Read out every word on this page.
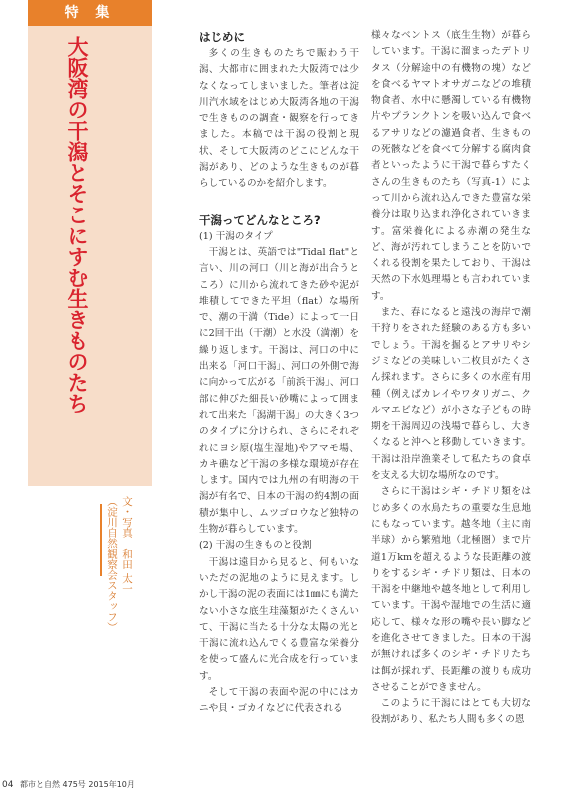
特 集
大阪湾の干潟とそこにすむ生きものたち
文・写真　和田 太一
（淀川自然観察会スタッフ）
はじめに

多くの生きものたちで賑わう干潟、大都市に囲まれた大阪湾では少なくなってしまいました。筆者は淀川汽水域をはじめ大阪湾各地の干潟で生きものの調査・観察を行ってきました。本稿では干潟の役割と現状、そして大阪湾のどこにどんな干潟があり、どのような生きものが暮らしているのかを紹介します。

干潟ってどんなところ?
(1) 干潟のタイプ

干潟とは、英語では"Tidal flat"と言い、川の河口（川と海が出合うところ）に川から流れてきた砂や泥が堆積してできた平坦（flat）な場所で、潮の干満（Tide）によって一日に2回干出（干潮）と水没（満潮）を繰り返します。干潟は、河口の中に出来る「河口干潟」、河口の外側で海に向かって広がる「前浜干潟」、河口部に伸びた細長い砂嘴によって囲まれて出来た「潟湖干潟」の大きく3つのタイプに分けられ、さらにそれぞれにヨシ原(塩生湿地)やアマモ場、カキ礁など干潟の多様な環境が存在します。国内では九州の有明海の干潟が有名で、日本の干潟の約4割の面積が集中し、ムツゴロウなど独特の生物が暮らしています。

(2) 干潟の生きものと役割

干潟は遠目から見ると、何もいないただの泥地のように見えます。しかし干潟の泥の表面には1㎜にも満たない小さな底生珪藻類がたくさんいて、干潟に当たる十分な太陽の光と干潟に流れ込んでくる豊富な栄養分を使って盛んに光合成を行っています。

そして干潟の表面や泥の中にはカニや貝・ゴカイなどに代表される

様々なベントス（底生生物）が暮らしています。干潟に溜まったデトリタス（分解途中の有機物の塊）などを食べるヤマトオサガニなどの堆積物食者、水中に懸濁している有機物片やプランクトンを吸い込んで食べるアサリなどの濾過食者、生きものの死骸などを食べて分解する腐肉食者といったように干潟で暮らすたくさんの生きものたち（写真-1）によって川から流れ込んできた豊富な栄養分は取り込まれ浄化されていきます。富栄養化による赤潮の発生など、海が汚れてしまうことを防いでくれる役割を果たしており、干潟は天然の下水処理場とも言われています。

また、春になると遠浅の海岸で潮干狩りをされた経験のある方も多いでしょう。干潟を掘るとアサリやシジミなどの美味しい二枚貝がたくさん採れます。さらに多くの水産有用種（例えばカレイやワタリガニ、クルマエビなど）が小さな子どもの時期を干潟周辺の浅場で暮らし、大きくなると沖へと移動していきます。干潟は沿岸漁業そして私たちの食卓を支える大切な場所なのです。

さらに干潟はシギ・チドリ類をはじめ多くの水鳥たちの重要な生息地にもなっています。越冬地（主に南半球）から繁殖地（北極圏）まで片道1万kmを超えるような長距離の渡りをするシギ・チドリ類は、日本の干潟を中継地や越冬地として利用しています。干潟や湿地での生活に適応して、様々な形の嘴や長い脚などを進化させてきました。日本の干潟が無ければ多くのシギ・チドリたちは餌が採れず、長距離の渡りも成功させることができません。

このように干潟にはとても大切な役割があり、私たち人間も多くの恩

04 都市と自然 475号 2015年10月
